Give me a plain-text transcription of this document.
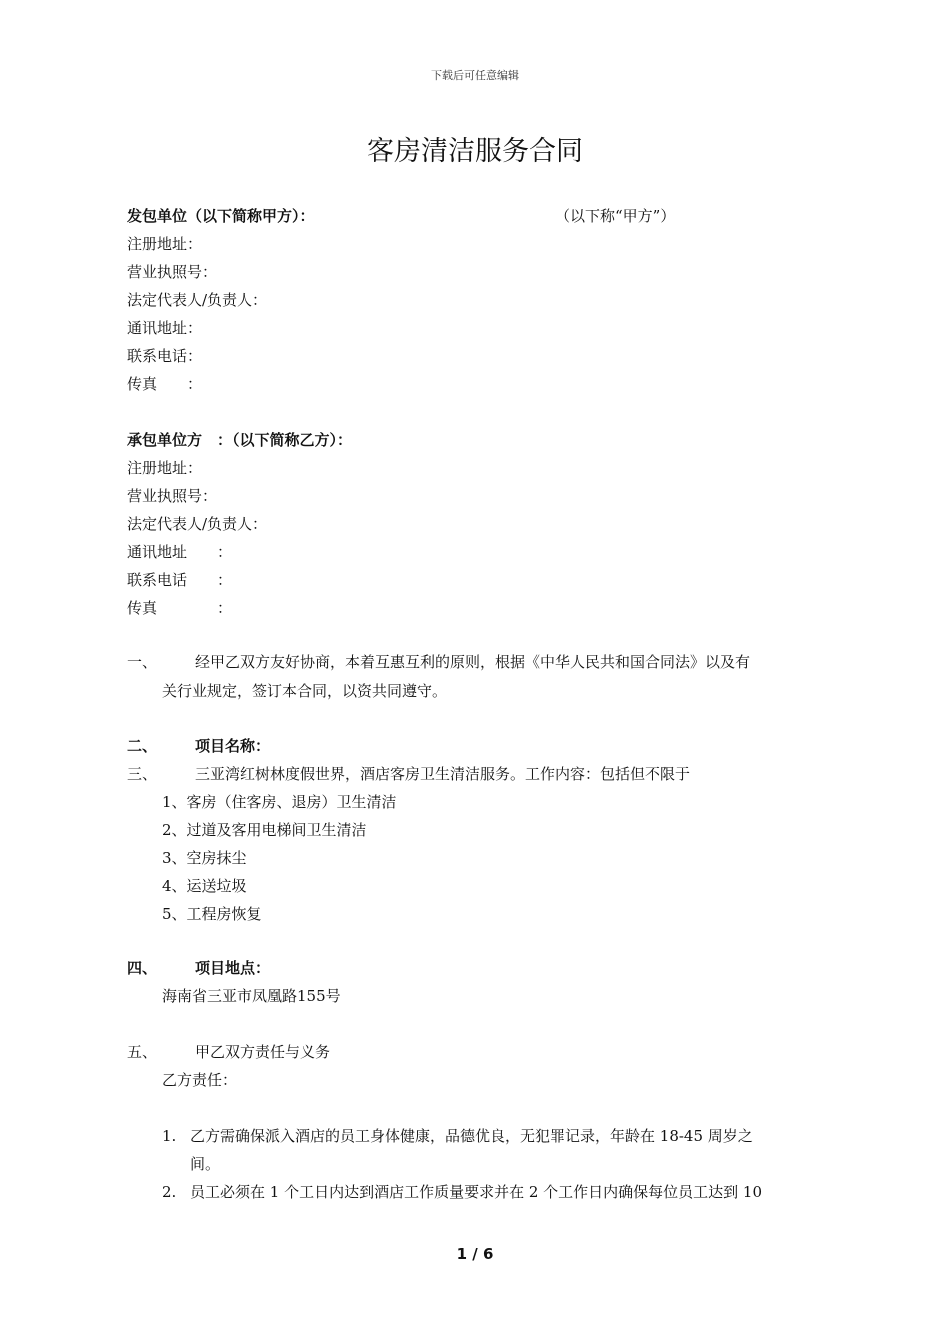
下载后可任意编辑
客房清洁服务合同
发包单位（以下简称甲方）：	（以下称“甲方”）
注册地址：
营业执照号：
法定代表人/负责人：
通讯地址：
联系电话：
传真　　：
承包单位方　：（以下简称乙方）：
注册地址：
营业执照号：
法定代表人/负责人：
通讯地址　　：
联系电话　　：
传真　　　　：
一、	经甲乙双方友好协商，本着互惠互利的原则，根据《中华人民共和国合同法》以及有
关行业规定，签订本合同，以资共同遵守。
二、	项目名称：
三、	三亚湾红树林度假世界，酒店客房卫生清洁服务。工作内容：包括但不限于
1、客房（住客房、退房）卫生清洁
2、过道及客用电梯间卫生清洁
3、空房抹尘
4、运送垃圾
5、工程房恢复
四、	项目地点：
海南省三亚市凤凰路155号
五、	甲乙双方责任与义务
乙方责任：
1. 乙方需确保派入酒店的员工身体健康，品德优良，无犯罪记录，年龄在 18-45 周岁之
间。
2. 员工必须在 1 个工日内达到酒店工作质量要求并在 2 个工作日内确保每位员工达到 10
1 / 6
